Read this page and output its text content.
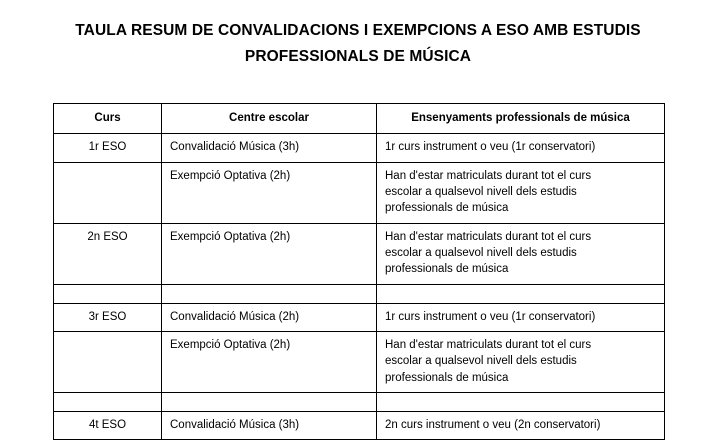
TAULA RESUM DE CONVALIDACIONS I EXEMPCIONS A ESO AMB ESTUDIS
PROFESSIONALS DE MÚSICA
Curs	Centre escolar	Ensenyaments professionals de música
1r ESO	Convalidació Música (3h)	1r curs instrument o veu (1r conservatori)

	Exempció Optativa (2h)	Han d'estar matriculats durant tot el curs
escolar a qualsevol nivell dels estudis
professionals de música

2n ESO	Exempció Optativa (2h)	Han d'estar matriculats durant tot el curs
escolar a qualsevol nivell dels estudis
professionals de música

3r ESO	Convalidació Música (2h)	1r curs instrument o veu (1r conservatori)

	Exempció Optativa (2h)	Han d'estar matriculats durant tot el curs
escolar a qualsevol nivell dels estudis
professionals de música

4t ESO	Convalidació Música (3h)	2n curs instrument o veu (2n conservatori)
